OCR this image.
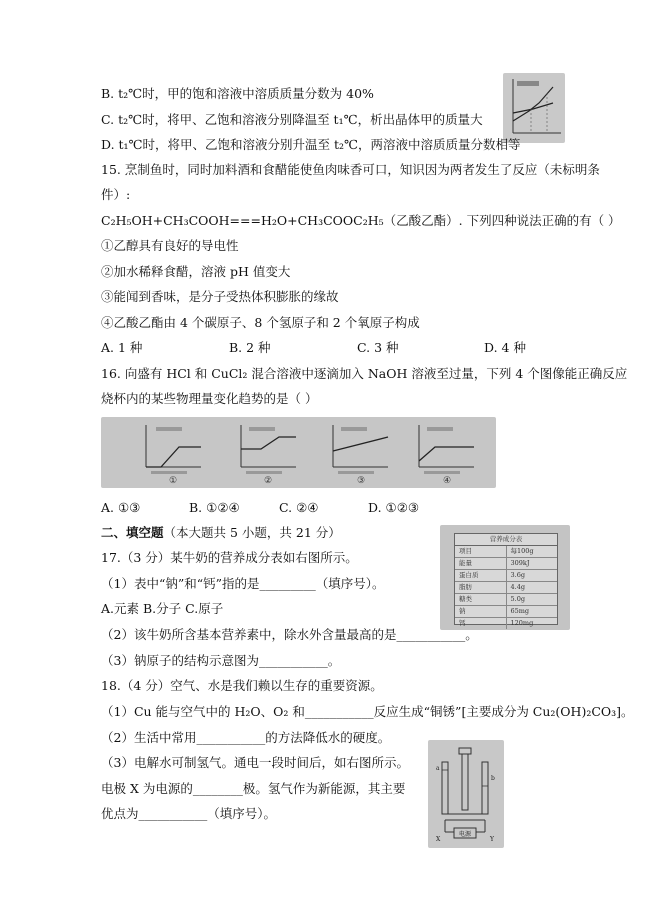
B. t₂℃时，甲的饱和溶液中溶质质量分数为 40%
C. t₂℃时，将甲、乙饱和溶液分别降温至 t₁℃，析出晶体甲的质量大
D. t₁℃时，将甲、乙饱和溶液分别升温至 t₂℃，两溶液中溶质质量分数相等
15. 烹制鱼时，同时加料酒和食醋能使鱼肉味香可口，知识因为两者发生了反应（未标明条
件）:
C₂H₅OH+CH₃COOH===H₂O+CH₃COOC₂H₅（乙酸乙酯）. 下列四种说法正确的有（ ）
①乙醇具有良好的导电性
②加水稀释食醋，溶液 pH 值变大
③能闻到香味，是分子受热体积膨胀的缘故
④乙酸乙酯由 4 个碳原子、8 个氢原子和 2 个氧原子构成
A. 1 种	B. 2 种	C. 3 种	D. 4 种
16. 向盛有 HCl 和 CuCl₂ 混合溶液中逐滴加入 NaOH 溶液至过量，下列 4 个图像能正确反应
烧杯内的某些物理量变化趋势的是（ ）
①	②	③	④
A. ①③	B. ①②④	C. ②④	D. ①②③
二、填空题（本大题共 5 小题，共 21 分）	营养成分表
项目	每100g
能量	309kJ
蛋白质	3.6g
脂肪	4.4g
糖类	5.0g
钠	65mg
钙	120mg
17.（3 分）某牛奶的营养成分表如右图所示。
（1）表中“钠”和“钙”指的是_________（填序号）。
A.元素 B.分子 C.原子
（2）该牛奶所含基本营养素中，除水外含量最高的是___________。
（3）钠原子的结构示意图为___________。
18.（4 分）空气、水是我们赖以生存的重要资源。
（1）Cu 能与空气中的 H₂O、O₂ 和___________反应生成“铜锈”[主要成分为 Cu₂(OH)₂CO₃]。
（2）生活中常用___________的方法降低水的硬度。
（3）电解水可制氢气。通电一段时间后，如右图所示。
电极 X 为电源的________极。氢气作为新能源，其主要
优点为___________（填序号）。
电源
X	Y
a
b
